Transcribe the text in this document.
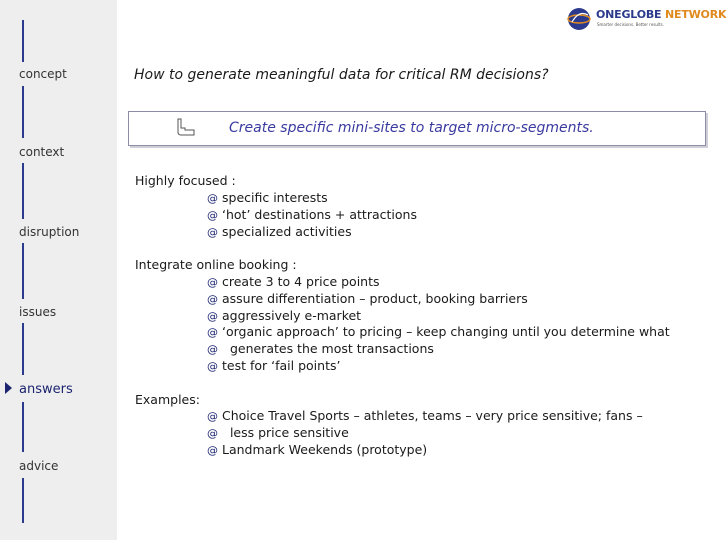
concept
context
disruption
issues
answers
advice
ONEGLOBE NETWORK
Smarter decisions. Better results.
How to generate meaningful data for critical RM decisions?
Create specific mini-sites to target micro-segments.
Highly focused :
@ specific interests
@ ‘hot’ destinations + attractions
@ specialized activities
Integrate online booking :
@ create 3 to 4 price points
@ assure differentiation – product, booking barriers
@ aggressively e-market
@ ‘organic approach’ to pricing – keep changing until you determine what
@  generates the most transactions
@ test for ‘fail points’
Examples:
@ Choice Travel Sports – athletes, teams – very price sensitive; fans –
@  less price sensitive
@ Landmark Weekends (prototype)
